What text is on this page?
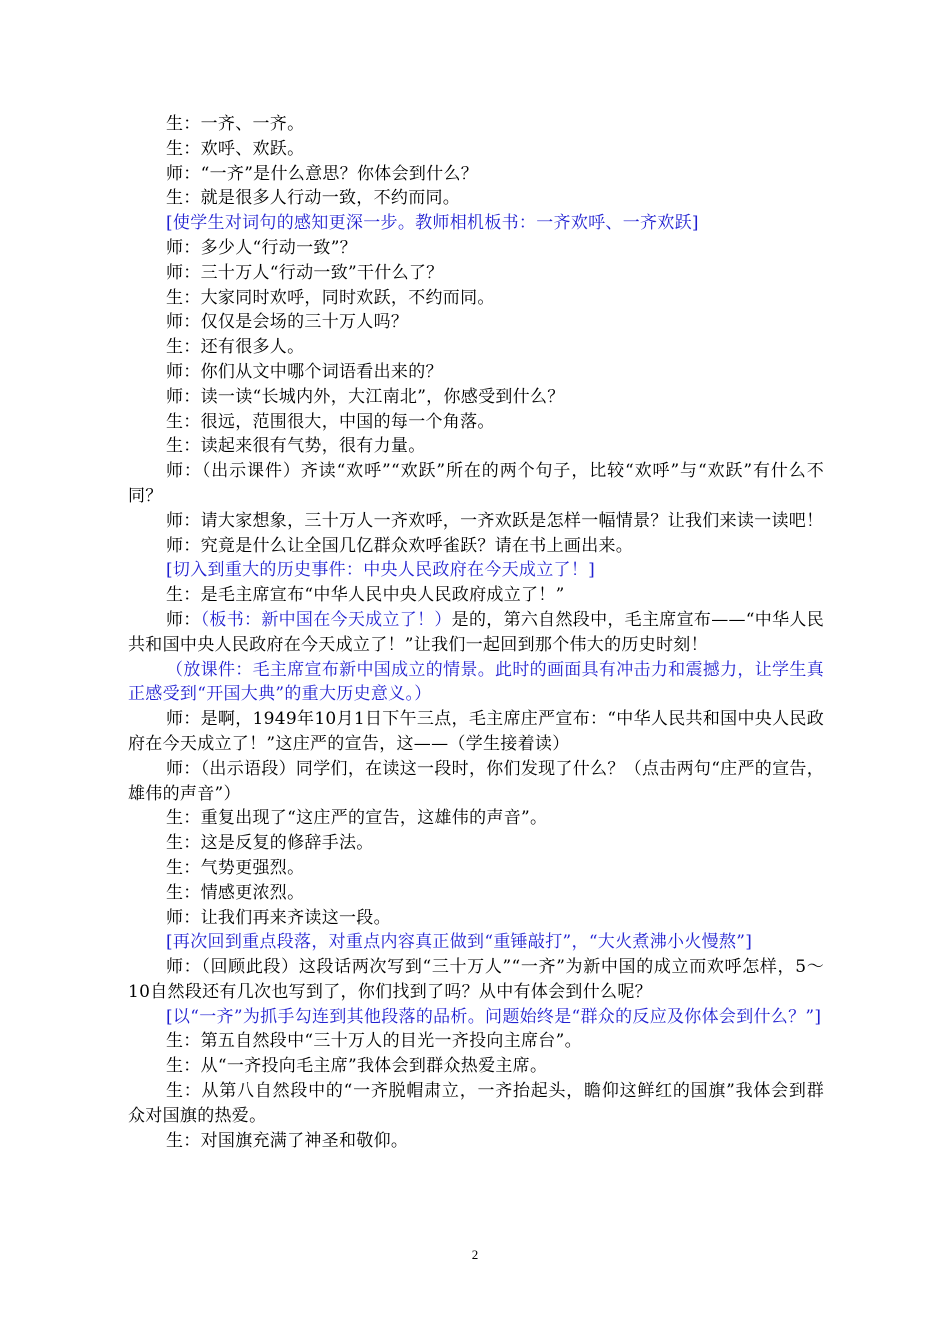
生：一齐、一齐。

生：欢呼、欢跃。

师：“一齐”是什么意思？你体会到什么？

生：就是很多人行动一致，不约而同。

[使学生对词句的感知更深一步。教师相机板书：一齐欢呼、一齐欢跃]

师：多少人“行动一致”？

师：三十万人“行动一致”干什么了？

生：大家同时欢呼，同时欢跃，不约而同。

师：仅仅是会场的三十万人吗？

生：还有很多人。

师：你们从文中哪个词语看出来的？

师：读一读“长城内外，大江南北”，你感受到什么？

生：很远，范围很大，中国的每一个角落。

生：读起来很有气势，很有力量。

师：（出示课件）齐读“欢呼”“欢跃”所在的两个句子，比较“欢呼”与“欢跃”有什么不同？

师：请大家想象，三十万人一齐欢呼，一齐欢跃是怎样一幅情景？让我们来读一读吧！

师：究竟是什么让全国几亿群众欢呼雀跃？请在书上画出来。

[切入到重大的历史事件：中央人民政府在今天成立了！]

生：是毛主席宣布“中华人民中央人民政府成立了！”

师：（板书：新中国在今天成立了！）是的，第六自然段中，毛主席宣布——“中华人民共和国中央人民政府在今天成立了！”让我们一起回到那个伟大的历史时刻！

（放课件：毛主席宣布新中国成立的情景。此时的画面具有冲击力和震撼力，让学生真正感受到“开国大典”的重大历史意义。）

师：是啊，1949年10月1日下午三点，毛主席庄严宣布：“中华人民共和国中央人民政府在今天成立了！”这庄严的宣告，这——（学生接着读）

师：（出示语段）同学们，在读这一段时，你们发现了什么？（点击两句“庄严的宣告，雄伟的声音”）

生：重复出现了“这庄严的宣告，这雄伟的声音”。

生：这是反复的修辞手法。

生：气势更强烈。

生：情感更浓烈。

师：让我们再来齐读这一段。

[再次回到重点段落，对重点内容真正做到“重锤敲打”，“大火煮沸小火慢熬”]

师：（回顾此段）这段话两次写到“三十万人”“一齐”为新中国的成立而欢呼怎样，5～10自然段还有几次也写到了，你们找到了吗？从中有体会到什么呢？

[以“一齐”为抓手勾连到其他段落的品析。问题始终是“群众的反应及你体会到什么？”]

生：第五自然段中“三十万人的目光一齐投向主席台”。

生：从“一齐投向毛主席”我体会到群众热爱主席。

生：从第八自然段中的“一齐脱帽肃立，一齐抬起头，瞻仰这鲜红的国旗”我体会到群众对国旗的热爱。

生：对国旗充满了神圣和敬仰。

2
